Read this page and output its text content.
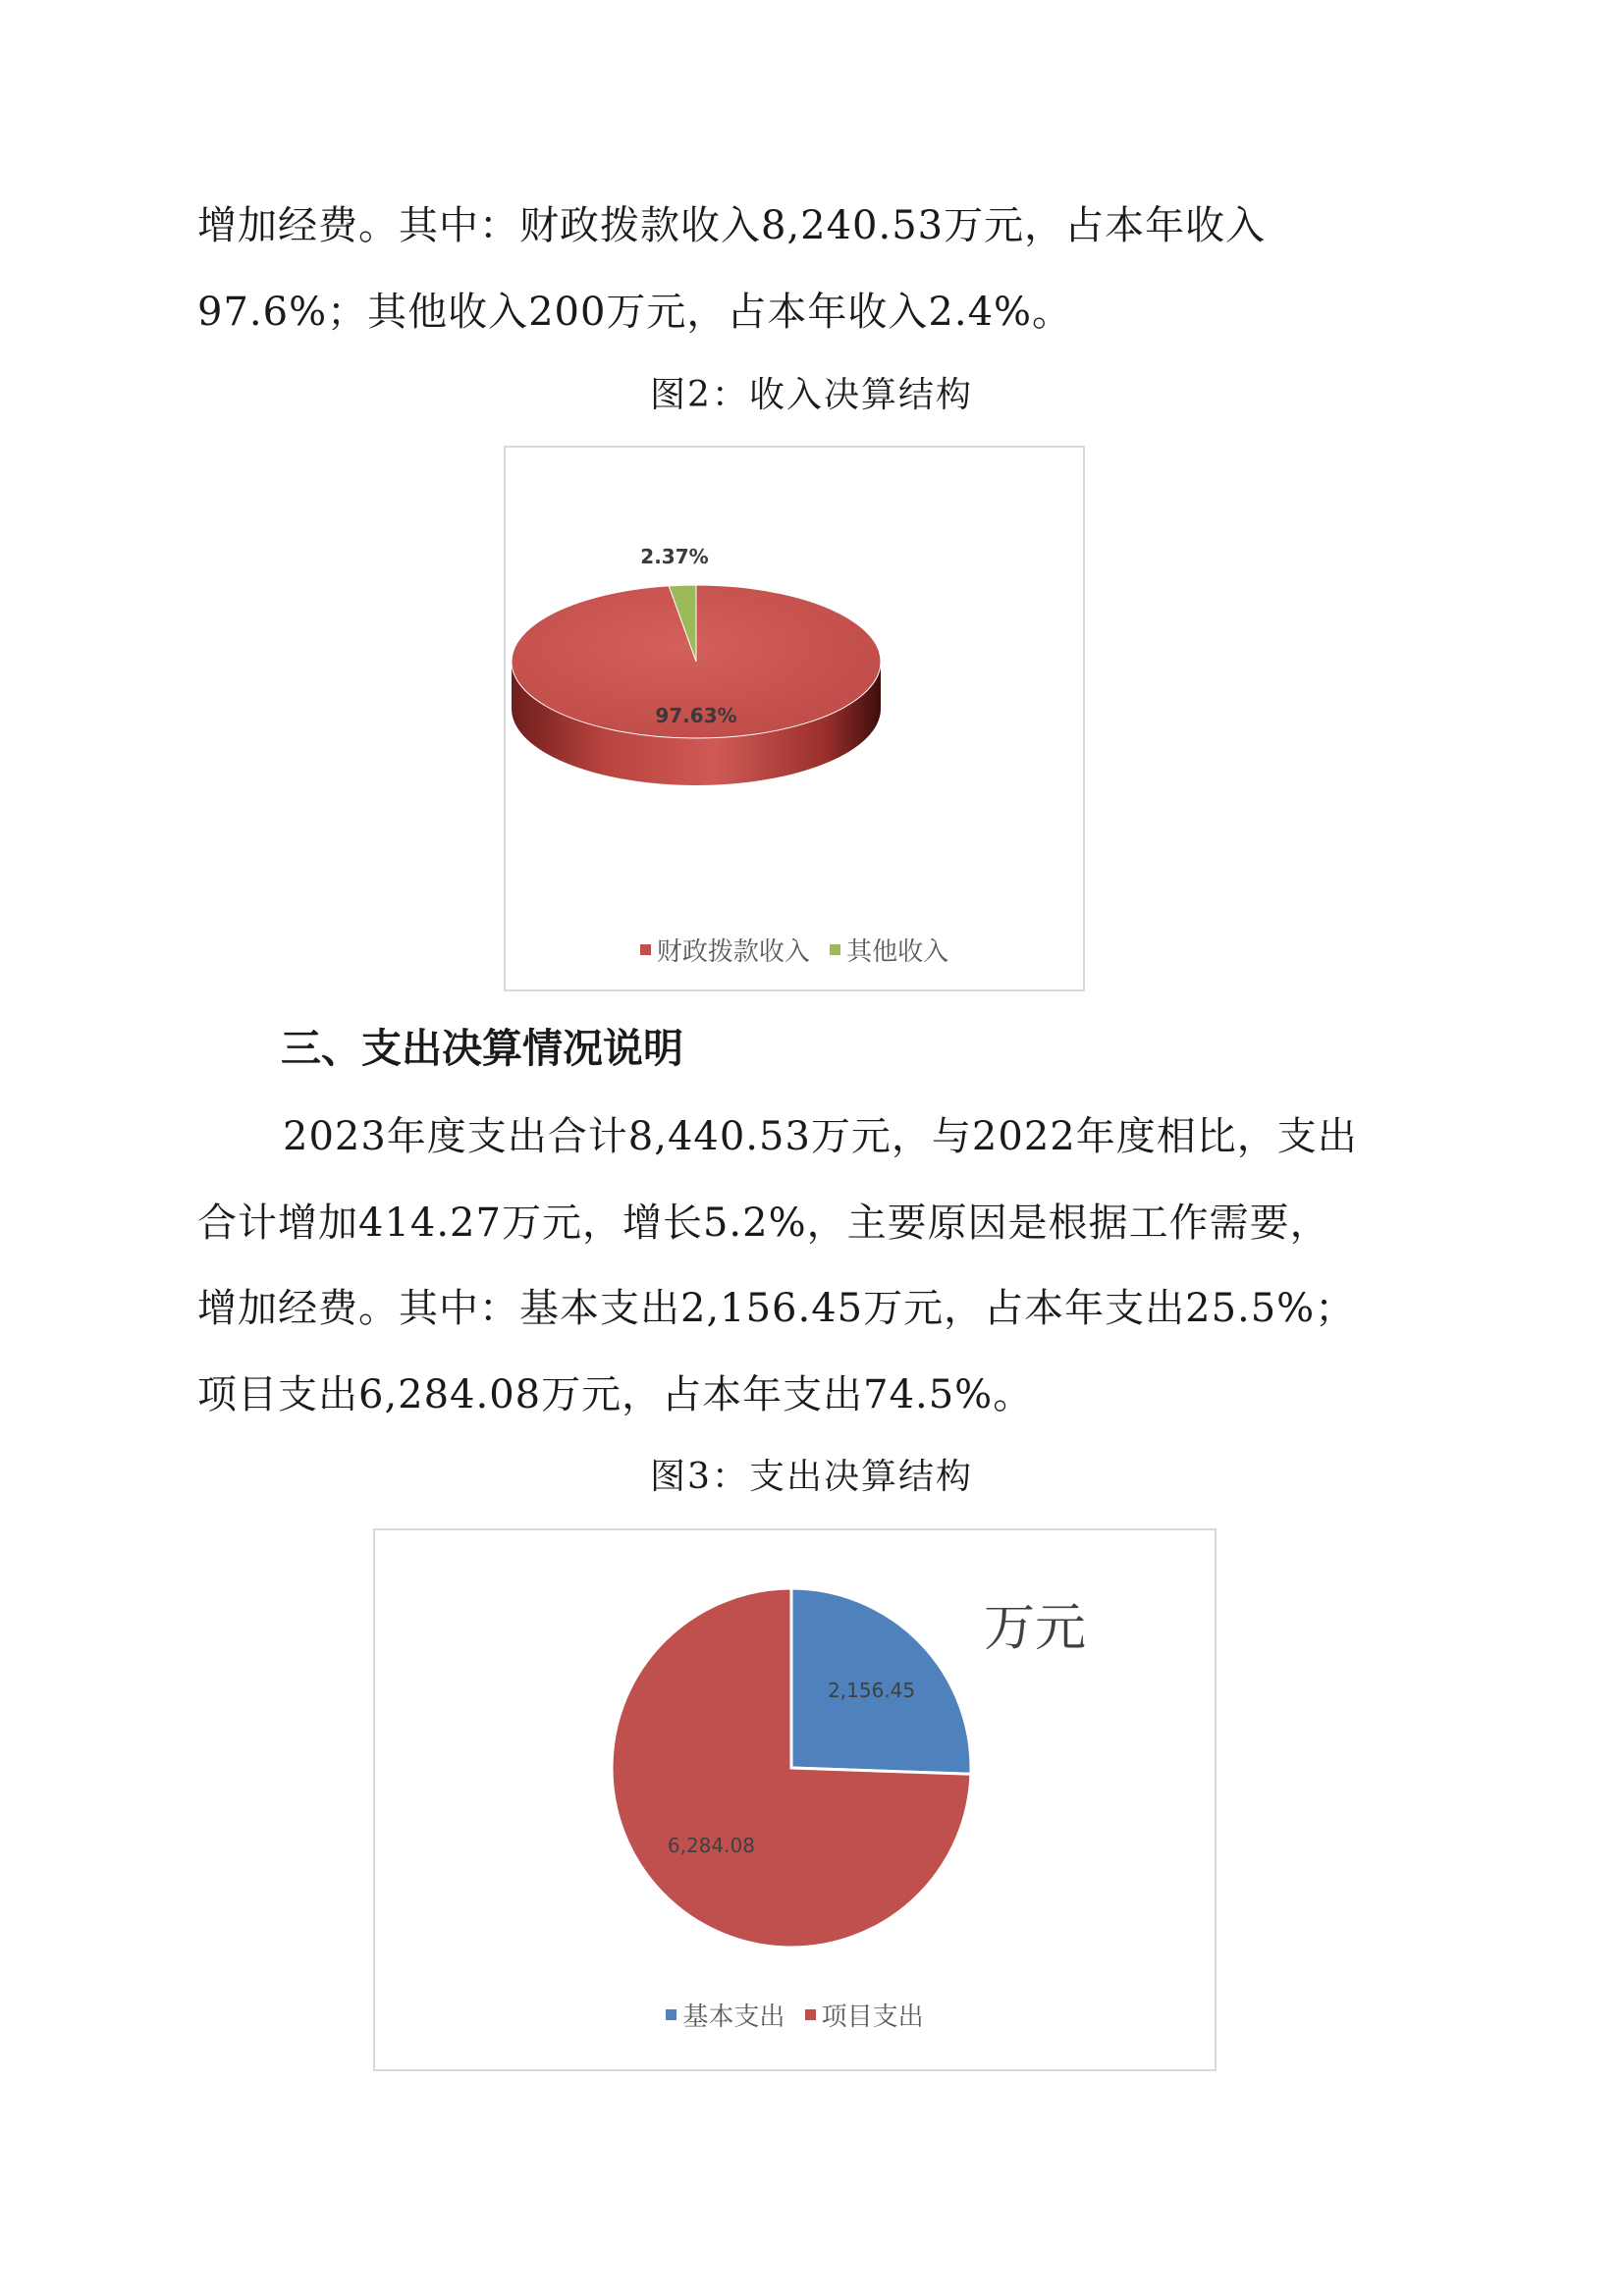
增加经费。其中：财政拨款收入8,240.53万元，占本年收入

97.6%；其他收入200万元，占本年收入2.4%。

图2：收入决算结构

97.63%
2.37%
财政拨款收入 其他收入

三、支出决算情况说明

2023年度支出合计8,440.53万元，与2022年度相比，支出

合计增加414.27万元，增长5.2%，主要原因是根据工作需要，

增加经费。其中：基本支出2,156.45万元，占本年支出25.5%；

项目支出6,284.08万元，占本年支出74.5%。

图3：支出决算结构

2,156.45
6,284.08
万元
基本支出 项目支出
